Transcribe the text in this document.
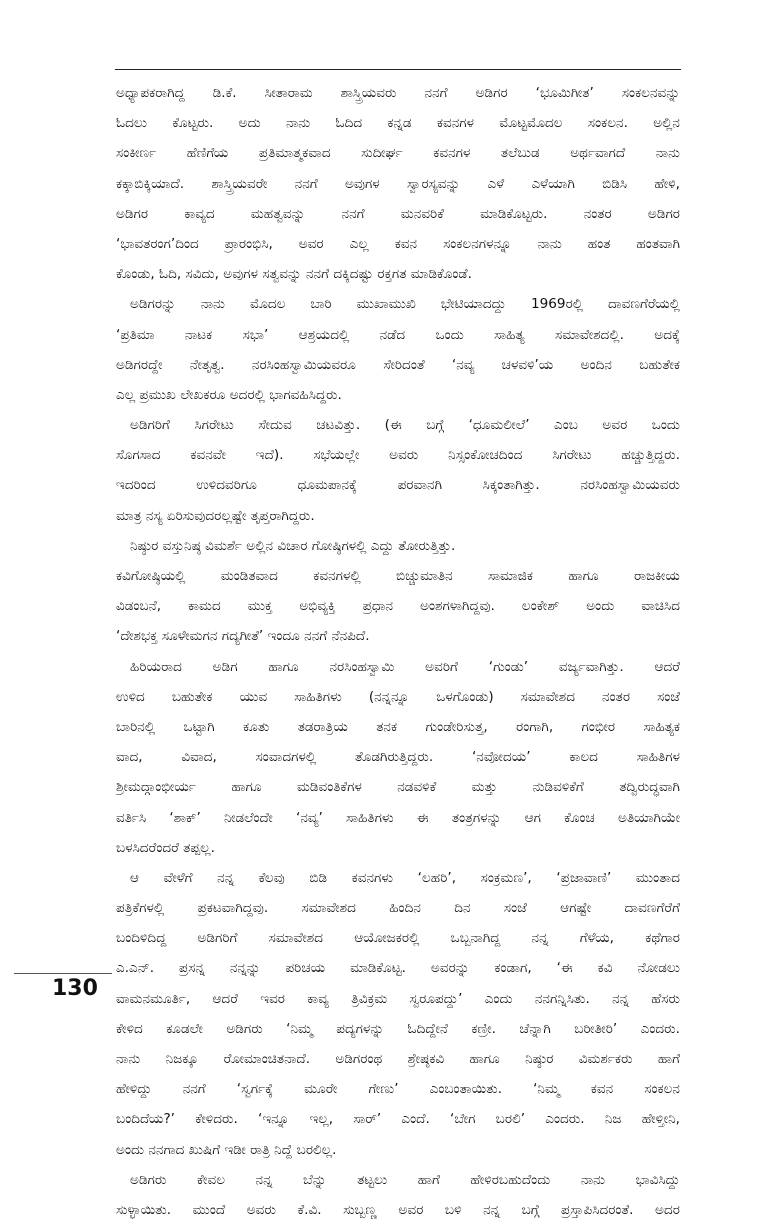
ಅಧ್ಯಾಪಕರಾಗಿದ್ದ ಡಿ.ಕೆ. ಸೀತಾರಾಮ ಶಾಸ್ತ್ರಿಯವರು ನನಗೆ ಅಡಿಗರ ‘ಭೂಮಿಗೀತ’ ಸಂಕಲನವನ್ನು
ಓದಲು ಕೊಟ್ಟರು. ಅದು ನಾನು ಓದಿದ ಕನ್ನಡ ಕವನಗಳ ಮೊಟ್ಟಮೊದಲ ಸಂಕಲನ. ಅಲ್ಲಿನ
ಸಂಕೀರ್ಣ ಹೆಣಿಗೆಯ ಪ್ರತಿಮಾತ್ಮಕವಾದ ಸುದೀರ್ಘ ಕವನಗಳ ತಲೆಬುಡ ಅರ್ಥವಾಗದೆ ನಾನು
ಕಕ್ಕಾಬಿಕ್ಕಿಯಾದೆ. ಶಾಸ್ತ್ರಿಯವರೇ ನನಗೆ ಅವುಗಳ ಸ್ವಾರಸ್ಯವನ್ನು ಎಳೆ ಎಳೆಯಾಗಿ ಬಿಡಿಸಿ ಹೇಳಿ,
ಅಡಿಗರ ಕಾವ್ಯದ ಮಹತ್ವವನ್ನು ನನಗೆ ಮನವರಿಕೆ ಮಾಡಿಕೊಟ್ಟರು. ನಂತರ ಅಡಿಗರ
‘ಭಾವತರಂಗ’ದಿಂದ ಪ್ರಾರಂಭಿಸಿ, ಅವರ ಎಲ್ಲ ಕವನ ಸಂಕಲನಗಳನ್ನೂ ನಾನು ಹಂತ ಹಂತವಾಗಿ
ಕೊಂಡು, ಓದಿ, ಸವಿದು, ಅವುಗಳ ಸತ್ವವನ್ನು ನನಗೆ ದಕ್ಕಿದಷ್ಟು ರಕ್ತಗತ ಮಾಡಿಕೊಂಡೆ.
ಅಡಿಗರನ್ನು ನಾನು ಮೊದಲ ಬಾರಿ ಮುಖಾಮುಖಿ ಭೇಟಿಯಾದದ್ದು 1969ರಲ್ಲಿ ದಾವಣಗೆರೆಯಲ್ಲಿ
‘ಪ್ರತಿಮಾ ನಾಟಕ ಸಭಾ’ ಆಶ್ರಯದಲ್ಲಿ ನಡೆದ ಒಂದು ಸಾಹಿತ್ಯ ಸಮಾವೇಶದಲ್ಲಿ. ಅದಕ್ಕೆ
ಅಡಿಗರದ್ದೇ ನೇತೃತ್ವ. ನರಸಿಂಹಸ್ವಾಮಿಯವರೂ ಸೇರಿದಂತೆ ‘ನವ್ಯ ಚಳವಳಿ’ಯ ಅಂದಿನ ಬಹುತೇಕ
ಎಲ್ಲ ಪ್ರಮುಖ ಲೇಖಕರೂ ಅದರಲ್ಲಿ ಭಾಗವಹಿಸಿದ್ದರು.
ಅಡಿಗರಿಗೆ ಸಿಗರೇಟು ಸೇದುವ ಚಟವಿತ್ತು. (ಈ ಬಗ್ಗೆ ‘ಧೂಮಲೀಲೆ’ ಎಂಬ ಅವರ ಒಂದು
ಸೊಗಸಾದ ಕವನವೇ ಇದೆ). ಸಭೆಯಲ್ಲೇ ಅವರು ನಿಸ್ಸಂಕೋಚದಿಂದ ಸಿಗರೇಟು ಹಚ್ಚುತ್ತಿದ್ದರು.
ಇದರಿಂದ ಉಳಿದವರಿಗೂ ಧೂಮಪಾನಕ್ಕೆ ಪರವಾನಗಿ ಸಿಕ್ಕಂತಾಗಿತ್ತು. ನರಸಿಂಹಸ್ವಾಮಿಯವರು
ಮಾತ್ರ ನಸ್ಯ ಏರಿಸುವುದರಲ್ಲಷ್ಟೇ ತೃಪ್ತರಾಗಿದ್ದರು.
ನಿಷ್ಠುರ ವಸ್ತುನಿಷ್ಠ ವಿಮರ್ಶೆ ಅಲ್ಲಿನ ವಿಚಾರ ಗೋಷ್ಠಿಗಳಲ್ಲಿ ಎದ್ದು ತೋರುತ್ತಿತ್ತು.
ಕವಿಗೋಷ್ಠಿಯಲ್ಲಿ ಮಂಡಿತವಾದ ಕವನಗಳಲ್ಲಿ ಬಿಚ್ಚುಮಾತಿನ ಸಾಮಾಜಿಕ ಹಾಗೂ ರಾಜಕೀಯ
ವಿಡಂಬನೆ, ಕಾಮದ ಮುಕ್ತ ಅಭಿವ್ಯಕ್ತಿ ಪ್ರಧಾನ ಅಂಶಗಳಾಗಿದ್ದವು. ಲಂಕೇಶ್ ಅಂದು ವಾಚಿಸಿದ
‘ದೇಶಭಕ್ತ ಸೂಳೇಮಗನ ಗದ್ಯಗೀತೆ’ ಇಂದೂ ನನಗೆ ನೆನಪಿದೆ.
ಹಿರಿಯರಾದ ಅಡಿಗ ಹಾಗೂ ನರಸಿಂಹಸ್ವಾಮಿ ಅವರಿಗೆ ‘ಗುಂಡು’ ವರ್ಜ್ಯವಾಗಿತ್ತು. ಆದರೆ
ಉಳಿದ ಬಹುತೇಕ ಯುವ ಸಾಹಿತಿಗಳು (ನನ್ನನ್ನೂ ಒಳಗೊಂಡು) ಸಮಾವೇಶದ ನಂತರ ಸಂಜೆ
ಬಾರಿನಲ್ಲಿ ಒಟ್ಟಾಗಿ ಕೂತು ತಡರಾತ್ರಿಯ ತನಕ ಗುಂಡೇರಿಸುತ್ತ, ರಂಗಾಗಿ, ಗಂಭೀರ ಸಾಹಿತ್ಯಕ
ವಾದ, ವಿವಾದ, ಸಂವಾದಗಳಲ್ಲಿ ತೊಡಗಿರುತ್ತಿದ್ದರು. ‘ನವೋದಯ’ ಕಾಲದ ಸಾಹಿತಿಗಳ
ಶ್ರೀಮದ್ಗಾಂಭೀರ್ಯ ಹಾಗೂ ಮಡಿವಂತಿಕೆಗಳ ನಡವಳಿಕೆ ಮತ್ತು ನುಡಿವಳಿಕೆಗೆ ತದ್ವಿರುದ್ಧವಾಗಿ
ವರ್ತಿಸಿ ‘ಶಾಕ್’ ನೀಡಲೆಂದೇ ‘ನವ್ಯ’ ಸಾಹಿತಿಗಳು ಈ ತಂತ್ರಗಳನ್ನು ಆಗ ಕೊಂಚ ಅತಿಯಾಗಿಯೇ
ಬಳಸಿದರೆಂದರೆ ತಪ್ಪಲ್ಲ.
ಆ ವೇಳೆಗೆ ನನ್ನ ಕೆಲವು ಬಿಡಿ ಕವನಗಳು ‘ಲಹರಿ’, ಸಂಕ್ರಮಣ’, ‘ಪ್ರಜಾವಾಣಿ’ ಮುಂತಾದ
ಪತ್ರಿಕೆಗಳಲ್ಲಿ ಪ್ರಕಟವಾಗಿದ್ದವು. ಸಮಾವೇಶದ ಹಿಂದಿನ ದಿನ ಸಂಜೆ ಆಗಷ್ಟೇ ದಾವಣಗೆರೆಗೆ
ಬಂದಿಳಿದಿದ್ದ ಅಡಿಗರಿಗೆ ಸಮಾವೇಶದ ಆಯೋಜಕರಲ್ಲಿ ಒಬ್ಬನಾಗಿದ್ದ ನನ್ನ ಗೆಳೆಯ, ಕಥೆಗಾರ
ಎ.ಎನ್. ಪ್ರಸನ್ನ ನನ್ನನ್ನು ಪರಿಚಯ ಮಾಡಿಕೊಟ್ಟ. ಅವರನ್ನು ಕಂಡಾಗ, ‘ಈ ಕವಿ ನೋಡಲು
ವಾಮನಮೂರ್ತಿ, ಆದರೆ ಇವರ ಕಾವ್ಯ ತ್ರಿವಿಕ್ರಮ ಸ್ವರೂಪದ್ದು’ ಎಂದು ನನಗನ್ನಿಸಿತು. ನನ್ನ ಹೆಸರು
ಕೇಳಿದ ಕೂಡಲೇ ಅಡಿಗರು ‘ನಿಮ್ಮ ಪದ್ಯಗಳನ್ನು ಓದಿದ್ದೇನೆ ಕಣ್ರೀ. ಚೆನ್ನಾಗಿ ಬರೀತೀರಿ’ ಎಂದರು.
ನಾನು ನಿಜಕ್ಕೂ ರೋಮಾಂಚಿತನಾದೆ. ಅಡಿಗರಂಥ ಶ್ರೇಷ್ಠಕವಿ ಹಾಗೂ ನಿಷ್ಠುರ ವಿಮರ್ಶಕರು ಹಾಗೆ
ಹೇಳಿದ್ದು ನನಗೆ ‘ಸ್ವರ್ಗಕ್ಕೆ ಮೂರೇ ಗೇಣು’ ಎಂಬಂತಾಯಿತು. ‘ನಿಮ್ಮ ಕವನ ಸಂಕಲನ
ಬಂದಿದೆಯ?’ ಕೇಳಿದರು. ‘ಇನ್ನೂ ಇಲ್ಲ, ಸಾರ್’ ಎಂದೆ. ‘ಬೇಗ ಬರಲಿ’ ಎಂದರು. ನಿಜ ಹೇಳ್ತೀನಿ,
ಅಂದು ನನಗಾದ ಖುಷಿಗೆ ಇಡೀ ರಾತ್ರಿ ನಿದ್ದೆ ಬರಲಿಲ್ಲ.
ಅಡಿಗರು ಕೇವಲ ನನ್ನ ಬೆನ್ನು ತಟ್ಟಲು ಹಾಗೆ ಹೇಳಿರಬಹುದೆಂದು ನಾನು ಭಾವಿಸಿದ್ದು
ಸುಳ್ಳಾಯಿತು. ಮುಂದೆ ಅವರು ಕೆ.ವಿ. ಸುಬ್ಬಣ್ಣ ಅವರ ಬಳಿ ನನ್ನ ಬಗ್ಗೆ ಪ್ರಸ್ತಾಪಿಸಿದರಂತೆ. ಅದರ
130
